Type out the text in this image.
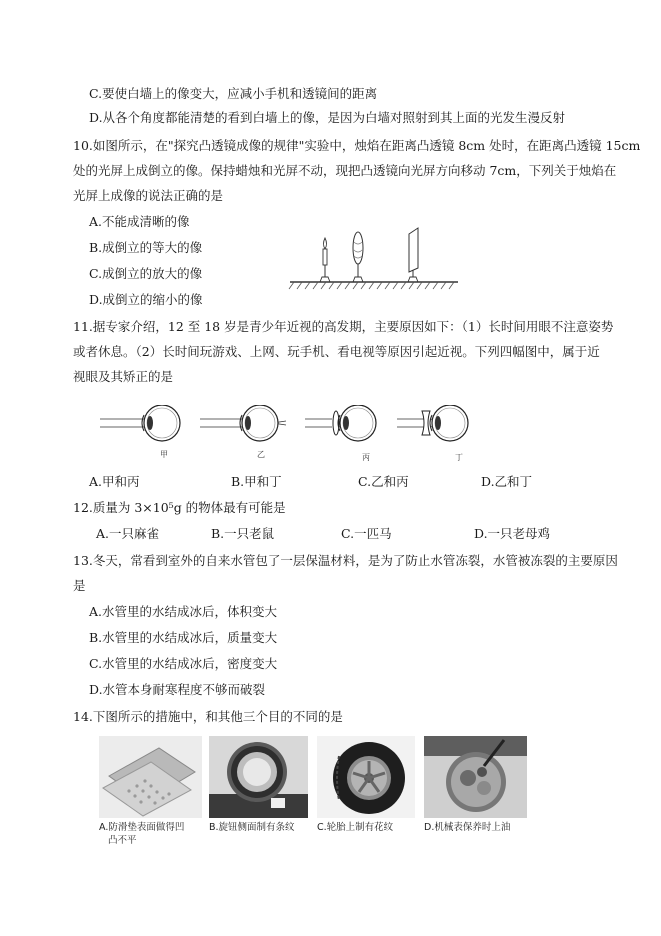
C.要使白墙上的像变大，应减小手机和透镜间的距离
D.从各个角度都能清楚的看到白墙上的像，是因为白墙对照射到其上面的光发生漫反射
10.如图所示，在"探究凸透镜成像的规律"实验中，烛焰在距离凸透镜 8cm 处时，在距离凸透镜 15cm
处的光屏上成倒立的像。保持蜡烛和光屏不动，现把凸透镜向光屏方向移动 7cm，下列关于烛焰在
光屏上成像的说法正确的是
A.不能成清晰的像
B.成倒立的等大的像
C.成倒立的放大的像
D.成倒立的缩小的像
11.据专家介绍，12 至 18 岁是青少年近视的高发期，主要原因如下：（1）长时间用眼不注意姿势
或者休息。（2）长时间玩游戏、上网、玩手机、看电视等原因引起近视。下列四幅图中，属于近
视眼及其矫正的是
甲	乙	丙	丁
A.甲和丙	B.甲和丁	C.乙和丙	D.乙和丁
12.质量为 3×10⁵g 的物体最有可能是
A.一只麻雀	B.一只老鼠	C.一匹马	D.一只老母鸡
13.冬天，常看到室外的自来水管包了一层保温材料，是为了防止水管冻裂，水管被冻裂的主要原因
是
A.水管里的水结成冰后，体积变大
B.水管里的水结成冰后，质量变大
C.水管里的水结成冰后，密度变大
D.水管本身耐寒程度不够而破裂
14.下图所示的措施中，和其他三个目的不同的是
A.防滑垫表面做得凹
凸不平
B.旋钮侧面制有条纹 C.轮胎上制有花纹	D.机械表保养时上油
